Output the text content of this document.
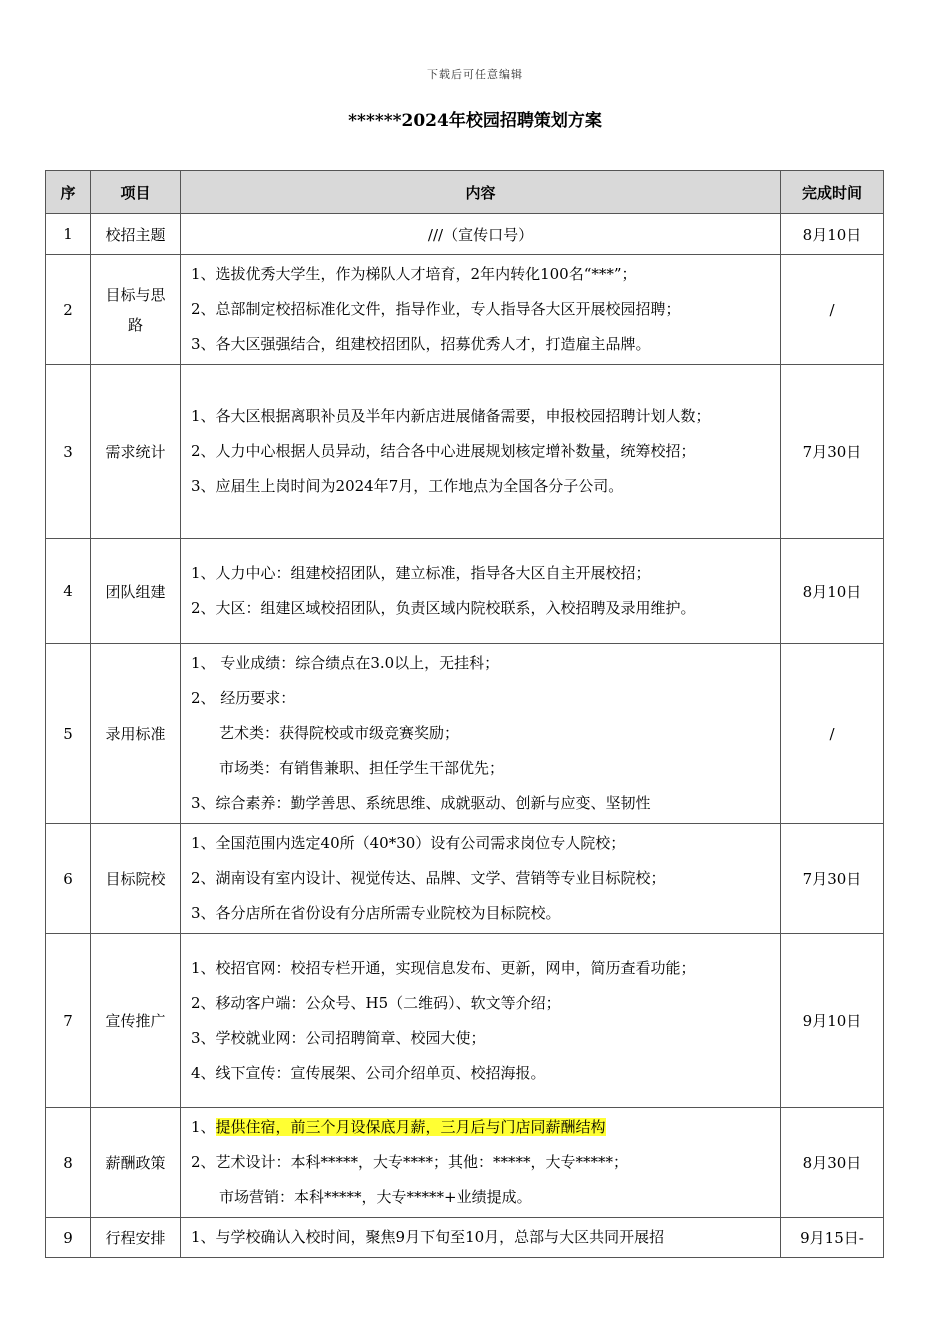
下载后可任意编辑
******2024年校园招聘策划方案
序	项目	内容	完成时间
1	校招主题	///（宣传口号）	8月10日
2	目标与思路	1、选拔优秀大学生，作为梯队人才培育，2年内转化100名“***”；
2、总部制定校招标准化文件，指导作业，专人指导各大区开展校园招聘；
3、各大区强强结合，组建校招团队，招募优秀人才，打造雇主品牌。	/
3	需求统计	1、各大区根据离职补员及半年内新店进展储备需要，申报校园招聘计划人数；
2、人力中心根据人员异动，结合各中心进展规划核定增补数量，统筹校招；
3、应届生上岗时间为2024年7月，工作地点为全国各分子公司。	7月30日
4	团队组建	1、人力中心：组建校招团队，建立标准，指导各大区自主开展校招；
2、大区：组建区域校招团队，负责区域内院校联系，入校招聘及录用维护。	8月10日
5	录用标准	1、 专业成绩：综合绩点在3.0以上，无挂科；
2、 经历要求：
艺术类：获得院校或市级竞赛奖励；
市场类：有销售兼职、担任学生干部优先；
3、综合素养：勤学善思、系统思维、成就驱动、创新与应变、坚韧性	/
6	目标院校	1、全国范围内选定40所（40*30）设有公司需求岗位专人院校；
2、湖南设有室内设计、视觉传达、品牌、文学、营销等专业目标院校；
3、各分店所在省份设有分店所需专业院校为目标院校。	7月30日
7	宣传推广	1、校招官网：校招专栏开通，实现信息发布、更新，网申，简历查看功能；
2、移动客户端：公众号、H5（二维码）、软文等介绍；
3、学校就业网：公司招聘简章、校园大使；
4、线下宣传：宣传展架、公司介绍单页、校招海报。	9月10日
8	薪酬政策	1、提供住宿，前三个月设保底月薪，三月后与门店同薪酬结构
2、艺术设计：本科*****，大专****；其他：*****，大专*****；
市场营销：本科*****，大专*****+业绩提成。	8月30日
9	行程安排	1、与学校确认入校时间，聚焦9月下旬至10月，总部与大区共同开展招	9月15日-
